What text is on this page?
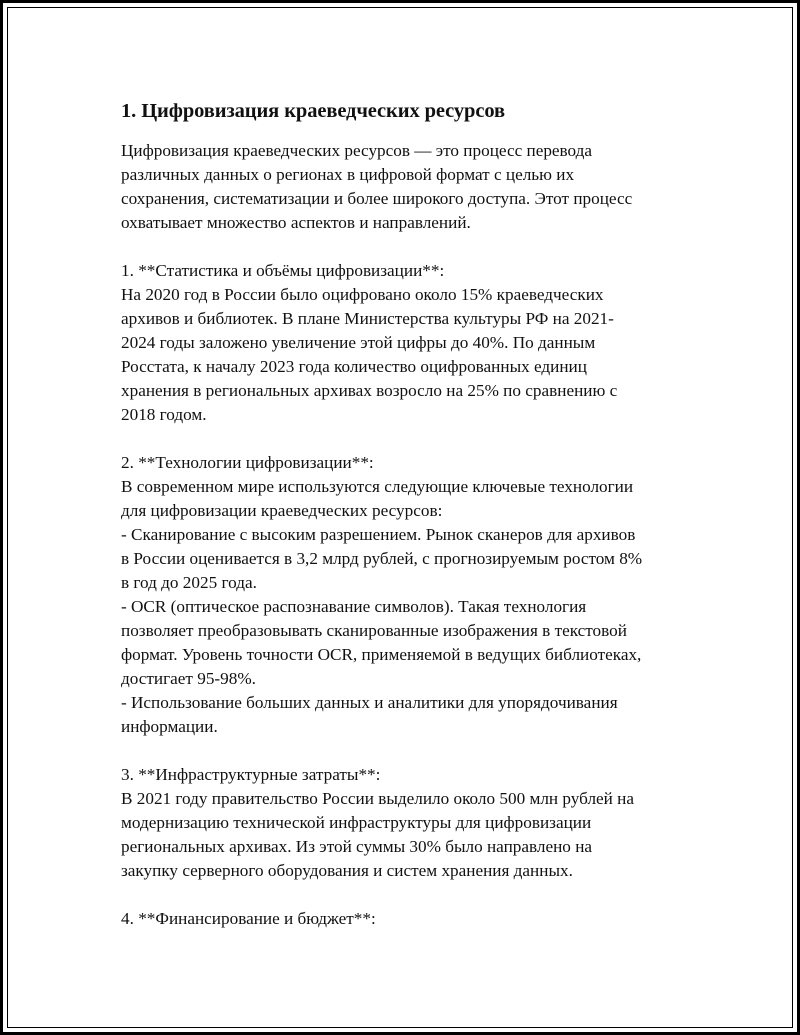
1. Цифровизация краеведческих ресурсов

Цифровизация краеведческих ресурсов — это процесс перевода
различных данных о регионах в цифровой формат с целью их
сохранения, систематизации и более широкого доступа. Этот процесс
охватывает множество аспектов и направлений.

1. **Статистика и объёмы цифровизации**:

На 2020 год в России было оцифровано около 15% краеведческих
архивов и библиотек. В плане Министерства культуры РФ на 2021-
2024 годы заложено увеличение этой цифры до 40%. По данным
Росстата, к началу 2023 года количество оцифрованных единиц
хранения в региональных архивах возросло на 25% по сравнению с
2018 годом.

2. **Технологии цифровизации**:

В современном мире используются следующие ключевые технологии
для цифровизации краеведческих ресурсов:
- Сканирование с высоким разрешением. Рынок сканеров для архивов
в России оценивается в 3,2 млрд рублей, с прогнозируемым ростом 8%
в год до 2025 года.
- OCR (оптическое распознавание символов). Такая технология
позволяет преобразовывать сканированные изображения в текстовой
формат. Уровень точности OCR, применяемой в ведущих библиотеках,
достигает 95-98%.
- Использование больших данных и аналитики для упорядочивания
информации.

3. **Инфраструктурные затраты**:

В 2021 году правительство России выделило около 500 млн рублей на
модернизацию технической инфраструктуры для цифровизации
региональных архивах. Из этой суммы 30% было направлено на
закупку серверного оборудования и систем хранения данных.

4. **Финансирование и бюджет**:
